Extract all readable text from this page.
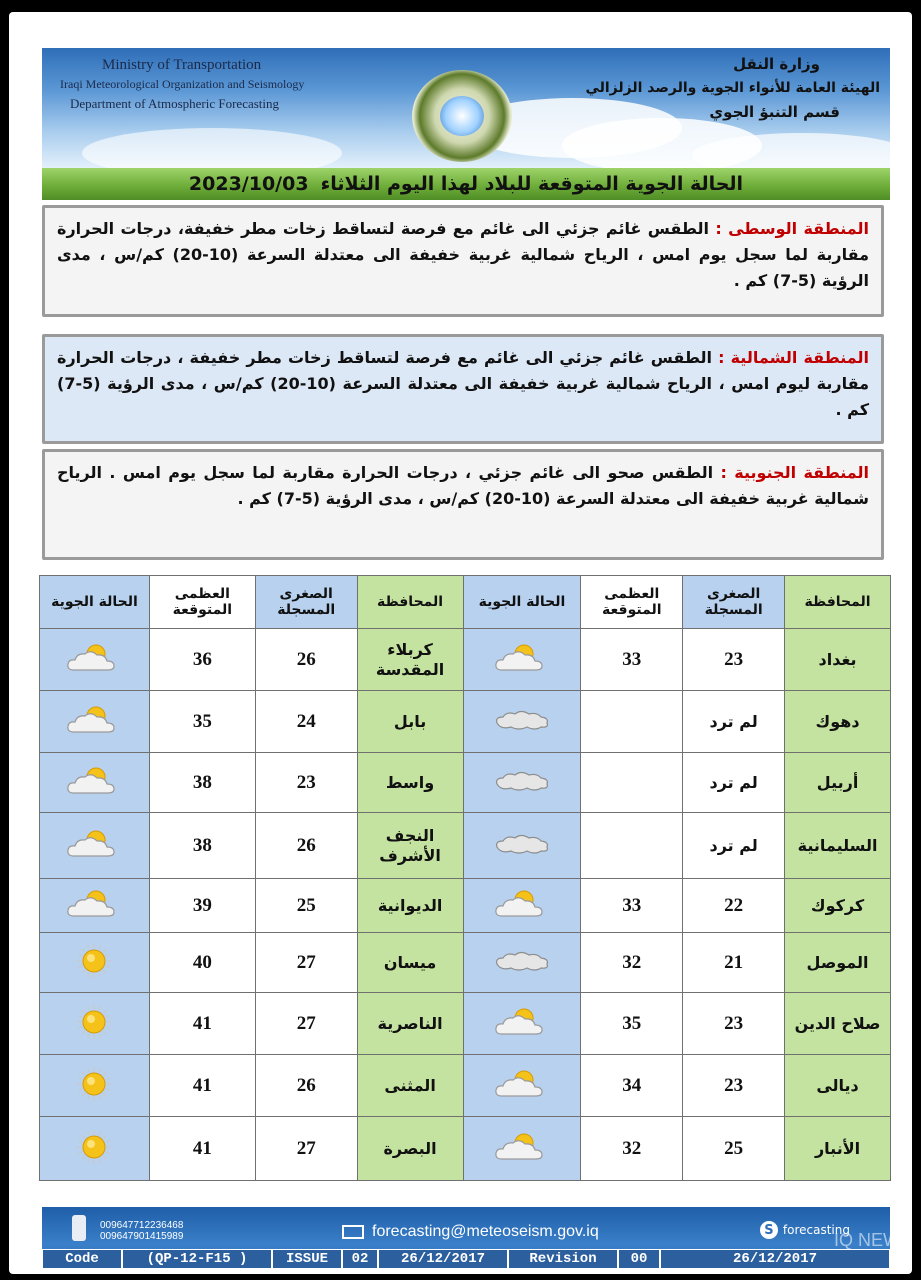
Ministry of Transportation
Iraqi Meteorological Organization and Seismology
Department of Atmospheric Forecasting
وزارة النقل
الهيئة العامة للأنواء الجوية والرصد الزلزالي
قسم التنبؤ الجوي
الحالة الجوية المتوقعة للبلاد لهذا اليوم الثلاثاء
2023/10/03
المنطقة الوسطى : الطقس غائم جزئي الى غائم مع فرصة لتساقط زخات مطر خفيفة، درجات الحرارة مقاربة لما سجل يوم امس ، الرياح شمالية غربية خفيفة الى معتدلة السرعة (10-20) كم/س ، مدى الرؤية (5-7) كم .
المنطقة الشمالية : الطقس غائم جزئي الى غائم مع فرصة لتساقط زخات مطر خفيفة ، درجات الحرارة مقاربة ليوم امس ، الرياح شمالية غربية خفيفة الى معتدلة السرعة (10-20) كم/س ، مدى الرؤية (5-7) كم .
المنطقة الجنوبية : الطقس صحو الى غائم جزئي ، درجات الحرارة مقاربة لما سجل يوم امس . الرياح شمالية غربية خفيفة الى معتدلة السرعة (10-20) كم/س ، مدى الرؤية (5-7) كم .
المحافظة	الصغرى المسجلة	العظمى المتوقعة	الحالة الجوية	المحافظة	الصغرى المسجلة	العظمى المتوقعة	الحالة الجوية
بغداد	23	33		كربلاء المقدسة	26	36	
دهوك	لم ترد			بابل	24	35	
أربيل	لم ترد			واسط	23	38	
السليمانية	لم ترد			النجف الأشرف	26	38	
كركوك	22	33		الديوانية	25	39	
الموصل	21	32		ميسان	27	40	
صلاح الدين	23	35		الناصرية	27	41	
ديالى	23	34		المثنى	26	41	
الأنبار	25	32		البصرة	27	41	
009647712236468
009647901415989	forecasting@meteoseism.gov.iq	S forecasting
Code	(QP-12-F15 )	ISSUE	02	26/12/2017	Revision	00	26/12/2017
IQ NEW
